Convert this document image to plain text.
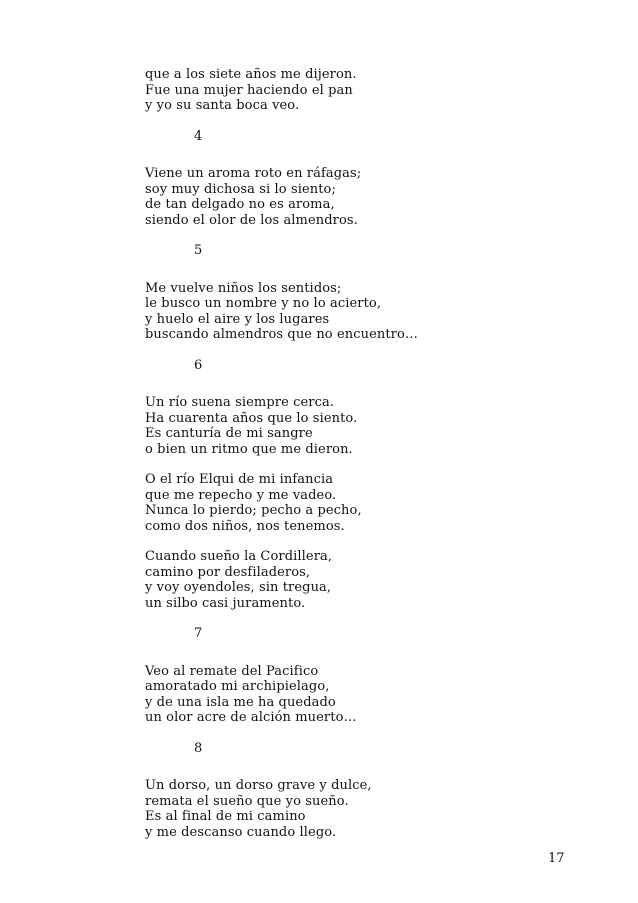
que a los siete años me dijeron.
Fue una mujer haciendo el pan
y yo su santa boca veo.
4
Viene un aroma roto en ráfagas;
soy muy dichosa si lo siento;
de tan delgado no es aroma,
siendo el olor de los almendros.
5
Me vuelve niños los sentidos;
le busco un nombre y no lo acierto,
y huelo el aire y los lugares
buscando almendros que no encuentro…
6
Un río suena siempre cerca.
Ha cuarenta años que lo siento.
Es canturía de mi sangre
o bien un ritmo que me dieron.
O el río Elqui de mi infancia
que me repecho y me vadeo.
Nunca lo pierdo; pecho a pecho,
como dos niños, nos tenemos.
Cuando sueño la Cordillera,
camino por desfiladeros,
y voy oyendoles, sin tregua,
un silbo casi juramento.
7
Veo al remate del Pacifico
amoratado mi archipielago,
y de una isla me ha quedado
un olor acre de alción muerto…
8
Un dorso, un dorso grave y dulce,
remata el sueño que yo sueño.
Es al final de mi camino
y me descanso cuando llego.
17
